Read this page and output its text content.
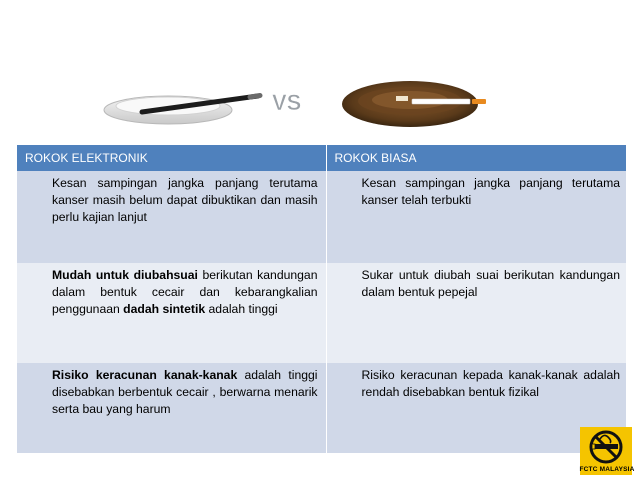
VS
ROKOK ELEKTRONIK	ROKOK BIASA
Kesan sampingan jangka panjang terutama kanser masih belum dapat dibuktikan dan masih perlu kajian lanjut	Kesan sampingan jangka panjang terutama kanser telah terbukti
Mudah untuk diubahsuai berikutan kandungan dalam bentuk cecair dan kebarangkalian penggunaan dadah sintetik adalah tinggi	Sukar untuk diubah suai berikutan kandungan dalam bentuk pepejal
Risiko keracunan kanak-kanak adalah tinggi disebabkan berbentuk cecair , berwarna menarik serta bau yang harum	Risiko keracunan kepada kanak-kanak adalah rendah disebabkan bentuk fizikal
FCTC MALAYSIA
